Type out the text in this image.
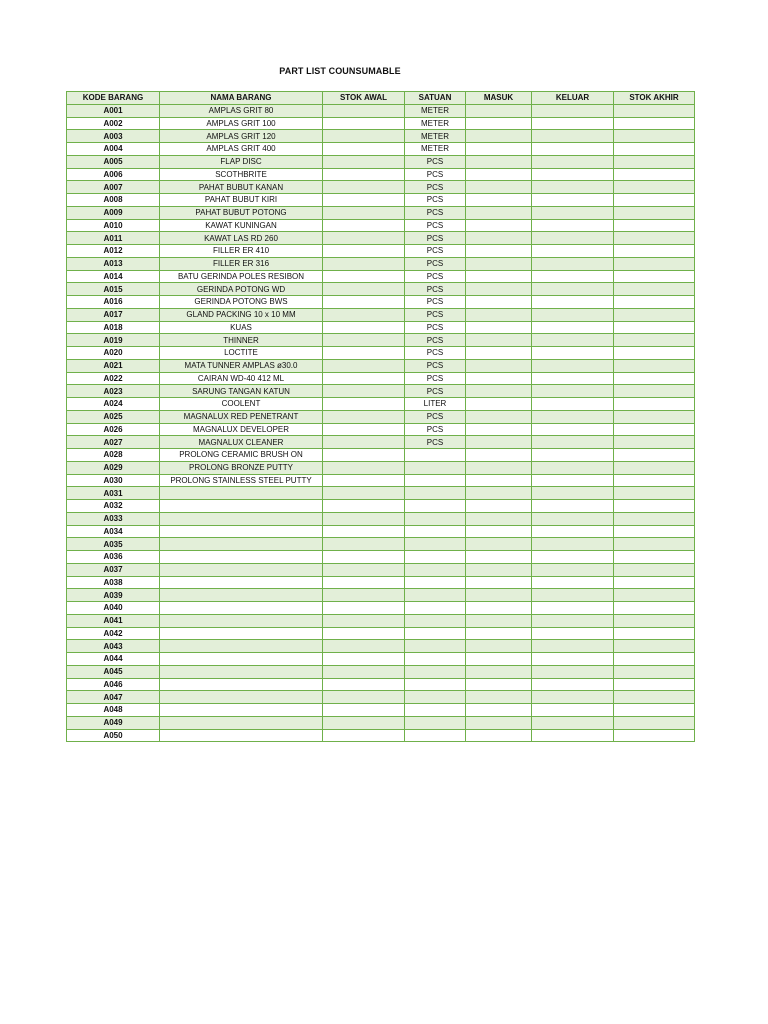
PART LIST COUNSUMABLE
KODE BARANG	NAMA BARANG	STOK AWAL	SATUAN	MASUK	KELUAR	STOK AKHIR
A001	AMPLAS GRIT 80		METER			
A002	AMPLAS GRIT 100		METER			
A003	AMPLAS GRIT 120		METER			
A004	AMPLAS GRIT 400		METER			
A005	FLAP DISC		PCS			
A006	SCOTHBRITE		PCS			
A007	PAHAT BUBUT KANAN		PCS			
A008	PAHAT BUBUT KIRI		PCS			
A009	PAHAT BUBUT POTONG		PCS			
A010	KAWAT KUNINGAN		PCS			
A011	KAWAT LAS RD 260		PCS			
A012	FILLER ER 410		PCS			
A013	FILLER ER 316		PCS			
A014	BATU GERINDA POLES RESIBON		PCS			
A015	GERINDA POTONG WD		PCS			
A016	GERINDA POTONG BWS		PCS			
A017	GLAND PACKING 10 x 10 MM		PCS			
A018	KUAS		PCS			
A019	THINNER		PCS			
A020	LOCTITE		PCS			
A021	MATA TUNNER AMPLAS ø30.0		PCS			
A022	CAIRAN WD-40 412 ML		PCS			
A023	SARUNG TANGAN KATUN		PCS			
A024	COOLENT		LITER			
A025	MAGNALUX RED PENETRANT		PCS			
A026	MAGNALUX DEVELOPER		PCS			
A027	MAGNALUX CLEANER		PCS			
A028	PROLONG CERAMIC BRUSH ON					
A029	PROLONG BRONZE PUTTY					
A030	PROLONG STAINLESS STEEL PUTTY					
A031						
A032						
A033						
A034						
A035						
A036						
A037						
A038						
A039						
A040						
A041						
A042						
A043						
A044						
A045						
A046						
A047						
A048						
A049						
A050						
